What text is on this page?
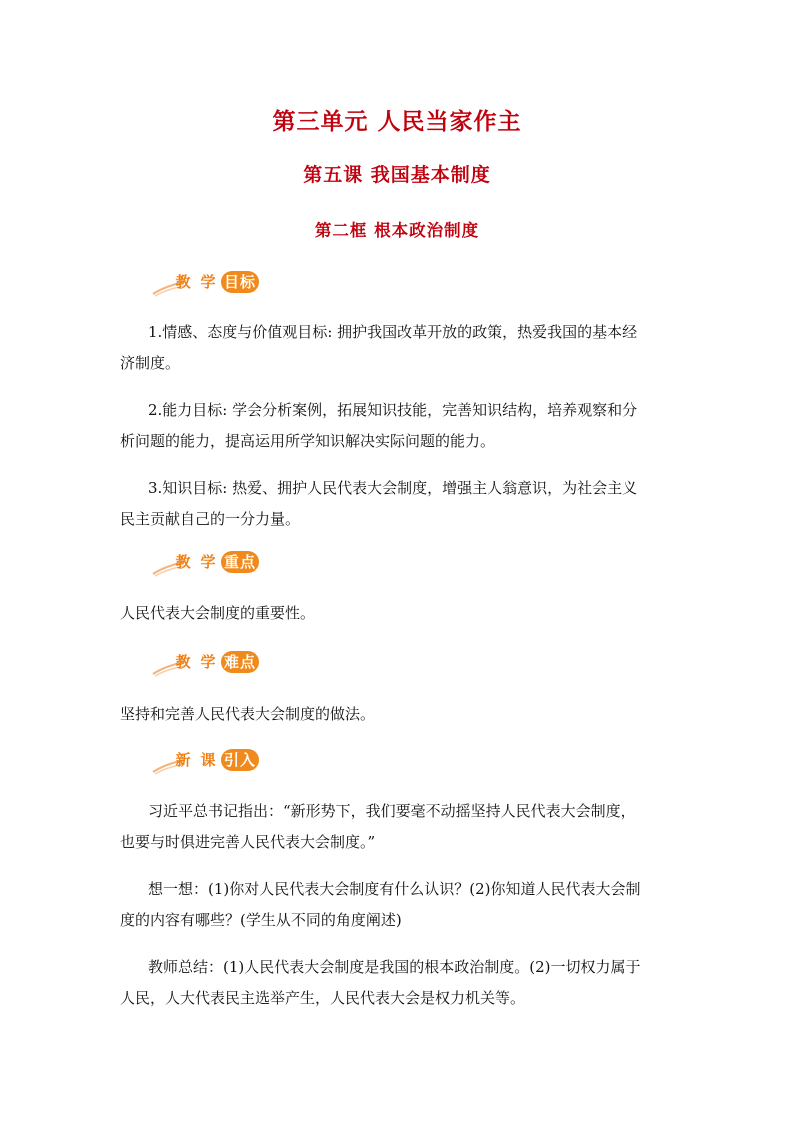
第三单元 人民当家作主
第五课 我国基本制度
第二框 根本政治制度
教 学 目标

1.情感、态度与价值观目标: 拥护我国改革开放的政策，热爱我国的基本经
济制度。

2.能力目标: 学会分析案例，拓展知识技能，完善知识结构，培养观察和分
析问题的能力，提高运用所学知识解决实际问题的能力。

3.知识目标: 热爱、拥护人民代表大会制度，增强主人翁意识，为社会主义
民主贡献自己的一分力量。

教 学 重点

人民代表大会制度的重要性。

教 学 难点

坚持和完善人民代表大会制度的做法。

新 课 引入

习近平总书记指出：“新形势下，我们要毫不动摇坚持人民代表大会制度，
也要与时俱进完善人民代表大会制度。”

想一想：(1)你对人民代表大会制度有什么认识？(2)你知道人民代表大会制
度的内容有哪些？(学生从不同的角度阐述)

教师总结：(1)人民代表大会制度是我国的根本政治制度。(2)一切权力属于
人民，人大代表民主选举产生，人民代表大会是权力机关等。
